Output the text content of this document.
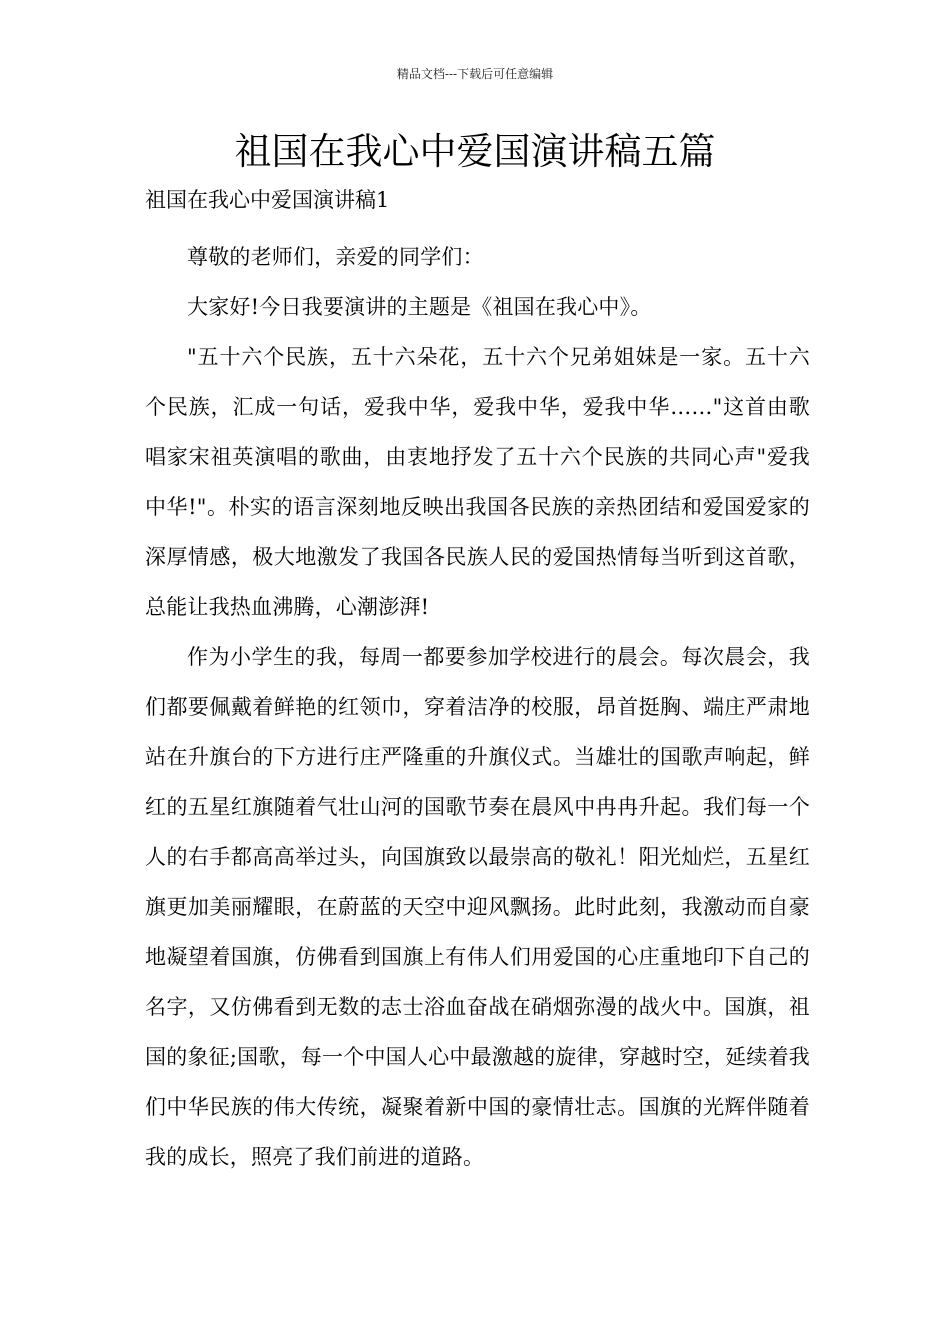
精品文档---下载后可任意编辑
祖国在我心中爱国演讲稿五篇

祖国在我心中爱国演讲稿1

尊敬的老师们，亲爱的同学们：

大家好!今日我要演讲的主题是《祖国在我心中》。

"五十六个民族，五十六朵花，五十六个兄弟姐妹是一家。五十六个民族，汇成一句话，爱我中华，爱我中华，爱我中华……"这首由歌唱家宋祖英演唱的歌曲，由衷地抒发了五十六个民族的共同心声"爱我中华!"。朴实的语言深刻地反映出我国各民族的亲热团结和爱国爱家的深厚情感，极大地激发了我国各民族人民的爱国热情每当听到这首歌，总能让我热血沸腾，心潮澎湃!

作为小学生的我，每周一都要参加学校进行的晨会。每次晨会，我们都要佩戴着鲜艳的红领巾，穿着洁净的校服，昂首挺胸、端庄严肃地站在升旗台的下方进行庄严隆重的升旗仪式。当雄壮的国歌声响起，鲜红的五星红旗随着气壮山河的国歌节奏在晨风中冉冉升起。我们每一个人的右手都高高举过头，向国旗致以最崇高的敬礼！阳光灿烂，五星红旗更加美丽耀眼，在蔚蓝的天空中迎风飘扬。此时此刻，我激动而自豪地凝望着国旗，仿佛看到国旗上有伟人们用爱国的心庄重地印下自己的名字，又仿佛看到无数的志士浴血奋战在硝烟弥漫的战火中。国旗，祖国的象征;国歌，每一个中国人心中最激越的旋律，穿越时空，延续着我们中华民族的伟大传统，凝聚着新中国的豪情壮志。国旗的光辉伴随着我的成长，照亮了我们前进的道路。
